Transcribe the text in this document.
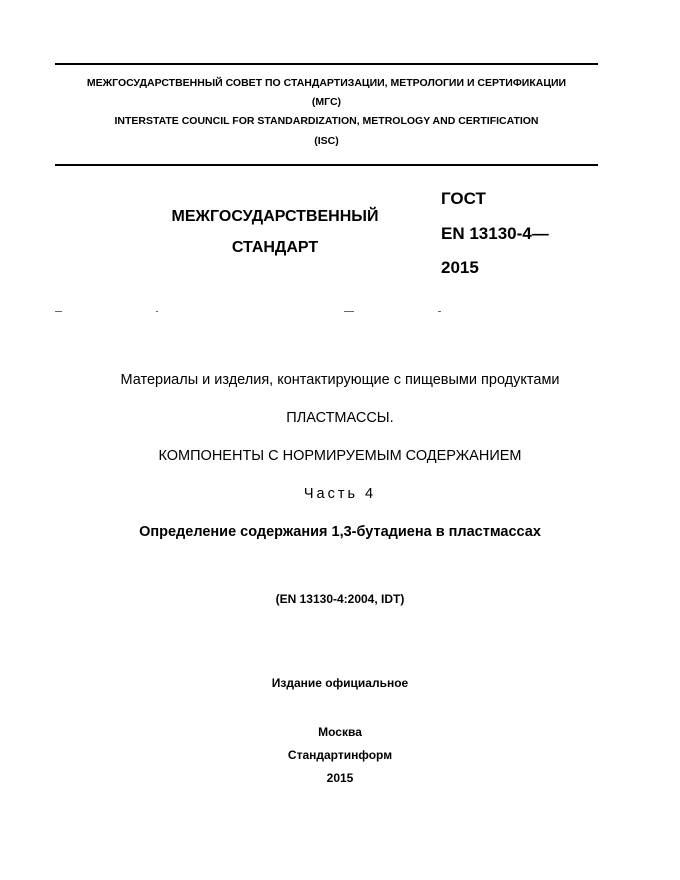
МЕЖГОСУДАРСТВЕННЫЙ СОВЕТ ПО СТАНДАРТИЗАЦИИ, МЕТРОЛОГИИ И СЕРТИФИКАЦИИ
(МГС)
INTERSTATE COUNCIL FOR STANDARDIZATION, METROLOGY AND CERTIFICATION
(ISC)
МЕЖГОСУДАРСТВЕННЫЙ
СТАНДАРТ
ГОСТ
EN 13130-4—
2015
Материалы и изделия, контактирующие с пищевыми продуктами
ПЛАСТМАССЫ.
КОМПОНЕНТЫ С НОРМИРУЕМЫМ СОДЕРЖАНИЕМ
Часть 4
Определение содержания 1,3-бутадиена в пластмассах
(EN 13130-4:2004, IDT)
Издание официальное
Москва
Стандартинформ
2015
